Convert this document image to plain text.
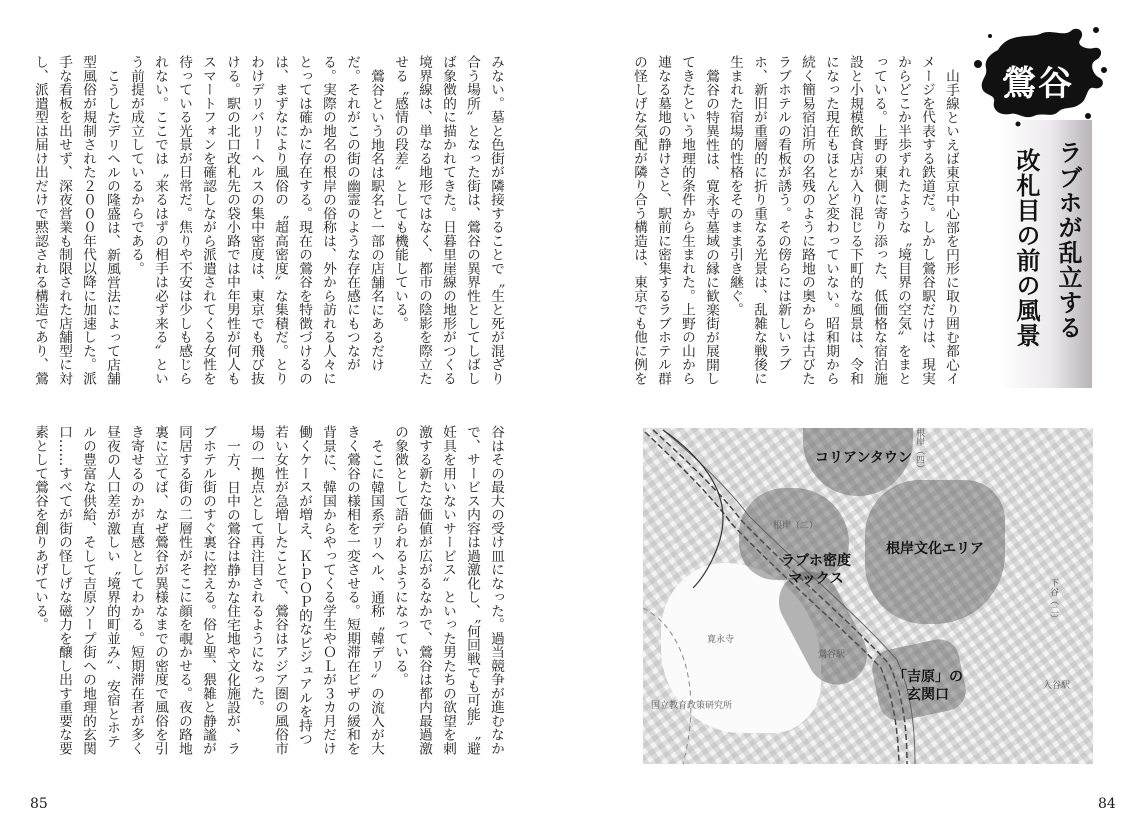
みない。墓と色街が隣接することで〝生と死が混ざり合う場所〟となった街は、鶯谷の異界性としてしばしば象徴的に描かれてきた。日暮里崖線の地形がつくる境界線は、単なる地形ではなく、都市の陰影を際立たせる〝感情の段差〟としても機能している。

鶯谷という地名は駅名と一部の店舗名にあるだけだ。それがこの街の幽霊のような存在感にもつながる。実際の地名の根岸の俗称は、外から訪れる人々にとっては確かに存在する。現在の鶯谷を特徴づけるのは、まずなにより風俗の〝超高密度〟な集積だ。とりわけデリバリーヘルスの集中密度は、東京でも飛び抜ける。駅の北口改札先の袋小路では中年男性が何人もスマートフォンを確認しながら派遣されてくる女性を待っている光景が日常だ。焦りや不安は少しも感じられない。ここでは〝来るはずの相手は必ず来る〟という前提が成立しているからである。

こうしたデリヘルの隆盛は、新風営法によって店舗型風俗が規制された２０００年代以降に加速した。派手な看板を出せず、深夜営業も制限された店舗型に対し、派遣型は届け出だけで黙認される構造であり、鶯

谷はその最大の受け皿になった。過当競争が進むなかで、サービス内容は過激化し、〝何回戦でも可能〟〝避妊具を用いないサービス〟といった男たちの欲望を刺激する新たな価値が広がるなかで、鶯谷は都内最過激の象徴として語られるようになっている。

そこに韓国系デリヘル、通称〝韓デリ〟の流入が大きく鶯谷の様相を一変させる。短期滞在ビザの緩和を背景に、韓国からやってくる学生やＯＬが３カ月だけ働くケースが増え、Ｋ‐ＰＯＰ的なビジュアルを持つ若い女性が急増したことで、鶯谷はアジア圏の風俗市場の一拠点として再注目されるようになった。

一方、日中の鶯谷は静かな住宅地や文化施設が、ラブホテル街のすぐ裏に控える。俗と聖、猥雑と静謐が同居する街の二層性がそこに顔を覗かせる。夜の路地裏に立てば、なぜ鶯谷が異様なまでの密度で風俗を引き寄せるのかが直感としてわかる。短期滞在者が多く昼夜の人口差が激しい〝境界的町並み〟、安宿とホテルの豊富な供給、そして吉原ソープ街への地理的玄関口……すべてが街の怪しげな磁力を醸し出す重要な要素として鶯谷を創りあげている。

85
鶯谷
ラブホが乱立する
改札目の前の風景

山手線といえば東京中心部を円形に取り囲む都心イメージを代表する鉄道だ。しかし鶯谷駅だけは、現実からどこか半歩ずれたような〝境目界の空気〟をまとっている。上野の東側に寄り添った、低価格な宿泊施設と小規模飲食店が入り混じる下町的な風景は、令和になった現在もほとんど変わっていない。昭和期から続く簡易宿泊所の名残のように路地の奥からは古びたラブホテルの看板が誘う。その傍らには新しいラブホ、新旧が重層的に折り重なる光景は、乱雑な戦後に生まれた宿場的性格をそのまま引き継ぐ。

鶯谷の特異性は、寛永寺墓域の縁に歓楽街が展開してきたという地理的条件から生まれた。上野の山から連なる墓地の静けさと、駅前に密集するラブホテル群の怪しげな気配が隣り合う構造は、東京でも他に例を

コリアンタウン
根岸文化エリア
ラブホ密度
マックス
「吉原」の
玄関口
根岸（四）
根岸（二）
寛永寺
鶯谷駅
国立教育政策研究所
入谷駅
下谷（二）
84
